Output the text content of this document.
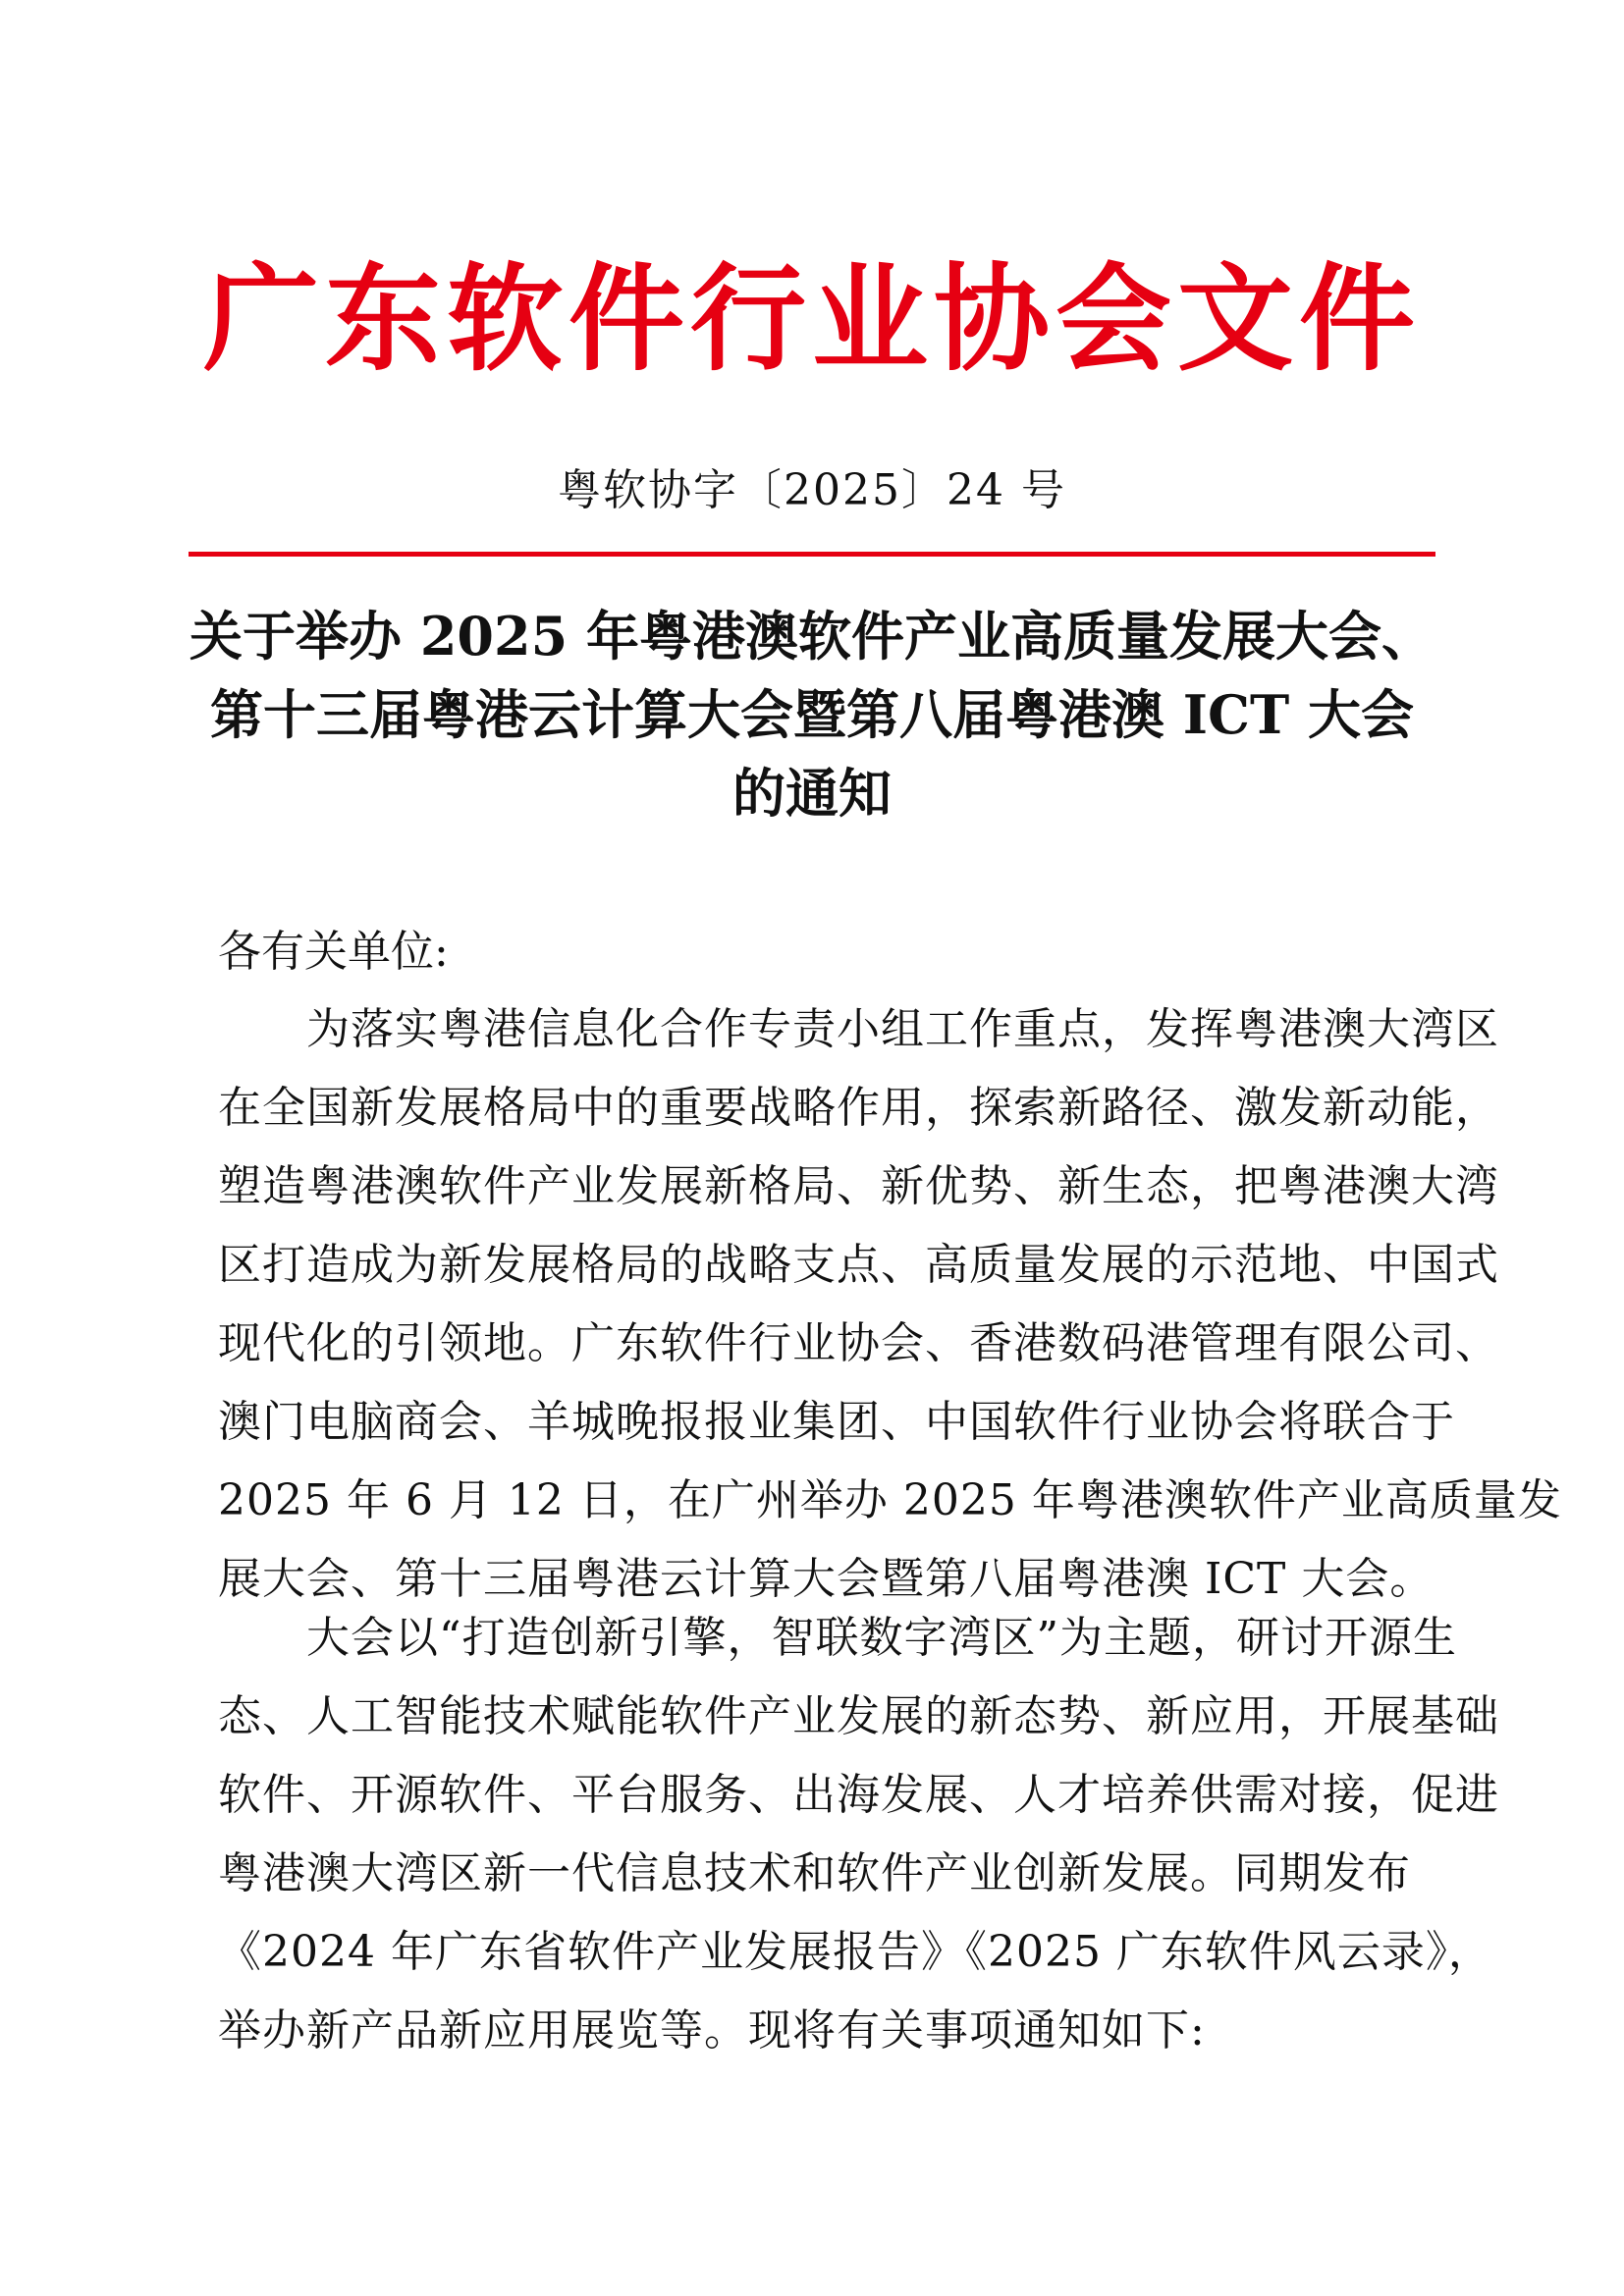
广东软件行业协会文件
粤软协字〔2025〕24 号
关于举办 2025 年粤港澳软件产业高质量发展大会、
第十三届粤港云计算大会暨第八届粤港澳 ICT 大会
的通知
各有关单位:
　　为落实粤港信息化合作专责小组工作重点，发挥粤港澳大湾区
在全国新发展格局中的重要战略作用，探索新路径、激发新动能，
塑造粤港澳软件产业发展新格局、新优势、新生态，把粤港澳大湾
区打造成为新发展格局的战略支点、高质量发展的示范地、中国式
现代化的引领地。广东软件行业协会、香港数码港管理有限公司、
澳门电脑商会、羊城晚报报业集团、中国软件行业协会将联合于
2025 年 6 月 12 日，在广州举办 2025 年粤港澳软件产业高质量发
展大会、第十三届粤港云计算大会暨第八届粤港澳 ICT 大会。
　　大会以“打造创新引擎，智联数字湾区”为主题，研讨开源生
态、人工智能技术赋能软件产业发展的新态势、新应用，开展基础
软件、开源软件、平台服务、出海发展、人才培养供需对接，促进
粤港澳大湾区新一代信息技术和软件产业创新发展。同期发布
《2024 年广东省软件产业发展报告》《2025 广东软件风云录》，
举办新产品新应用展览等。现将有关事项通知如下:
